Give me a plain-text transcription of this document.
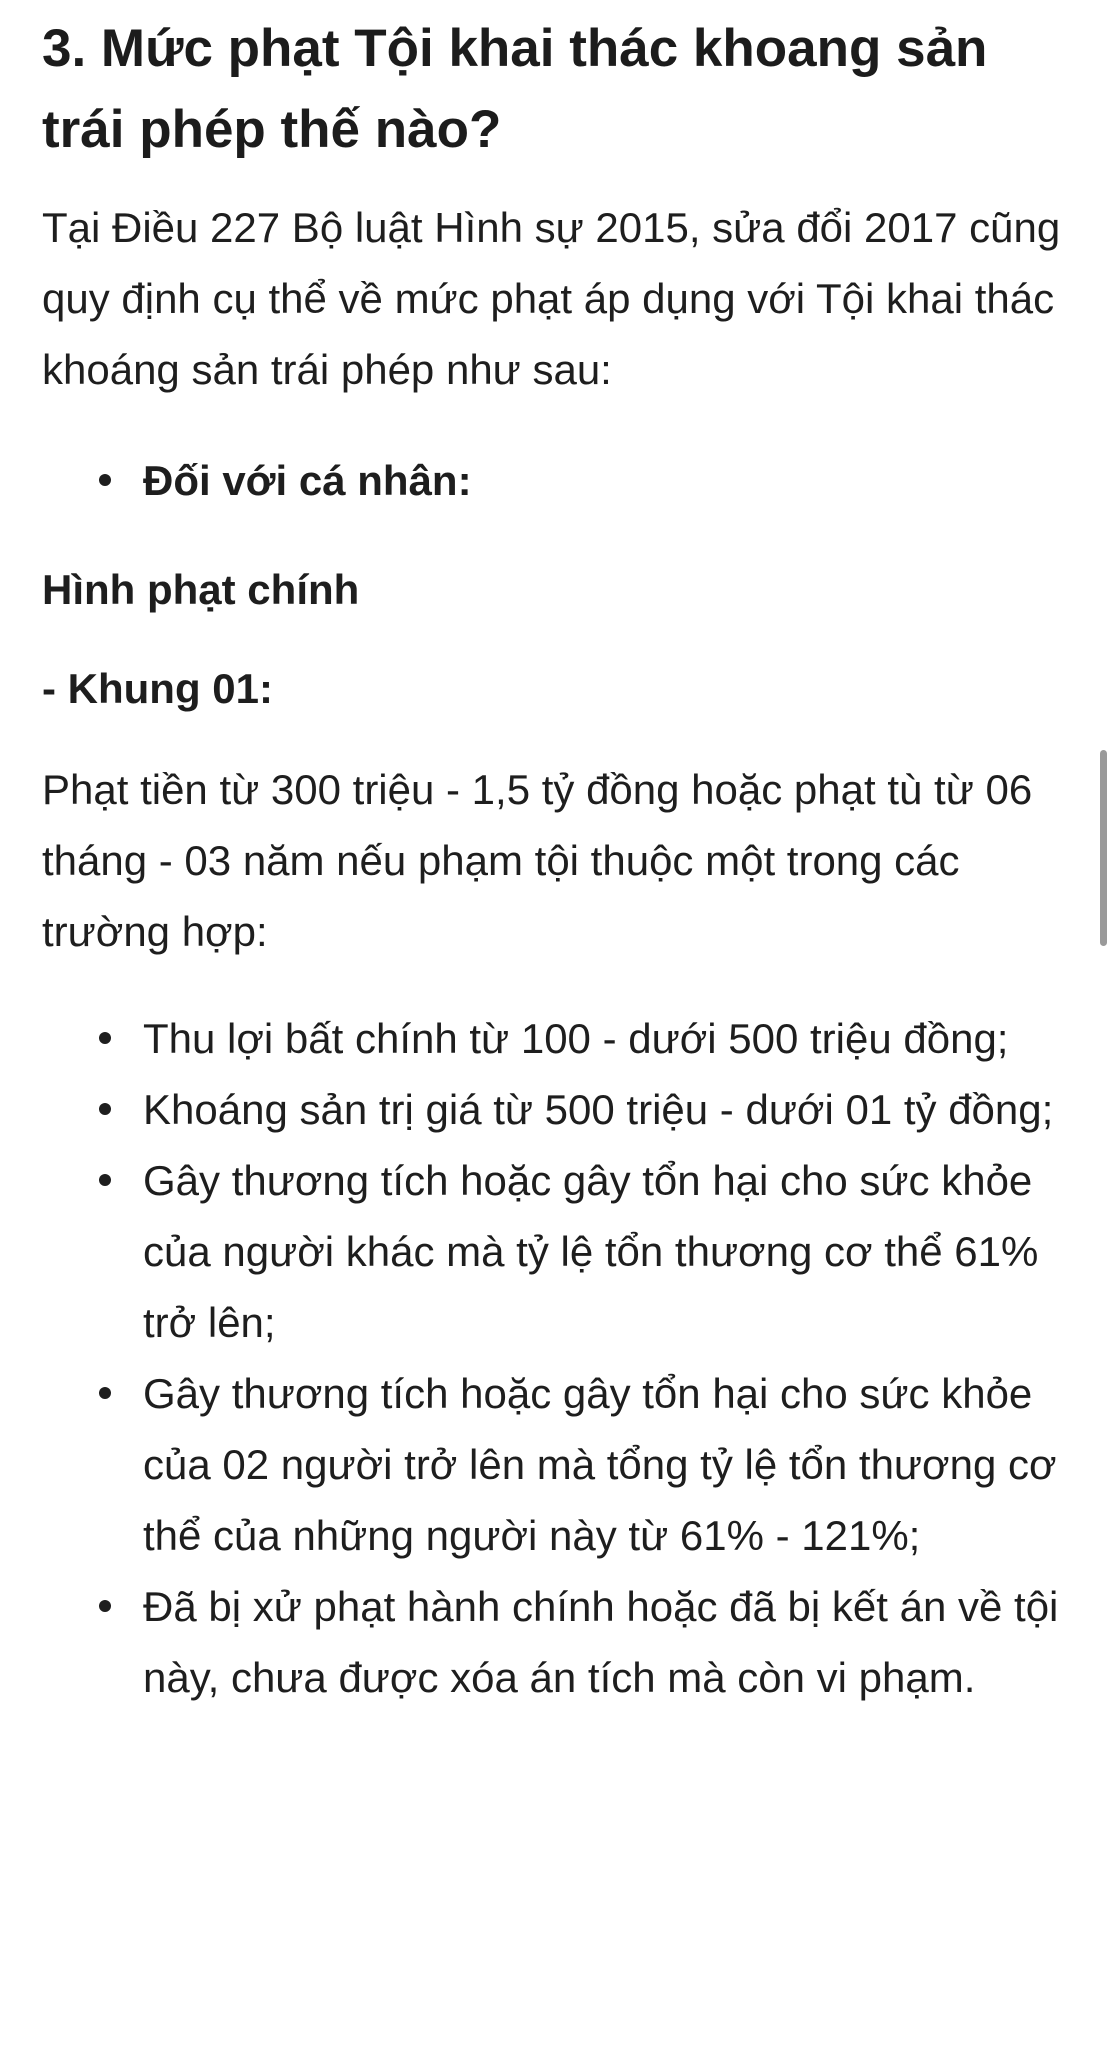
3. Mức phạt Tội khai thác khoang sản trái phép thế nào?

Tại Điều 227 Bộ luật Hình sự 2015, sửa đổi 2017 cũng quy định cụ thể về mức phạt áp dụng với Tội khai thác khoáng sản trái phép như sau:

Đối với cá nhân:

Hình phạt chính

- Khung 01:

Phạt tiền từ 300 triệu - 1,5 tỷ đồng hoặc phạt tù từ 06 tháng - 03 năm nếu phạm tội thuộc một trong các trường hợp:

Thu lợi bất chính từ 100 - dưới 500 triệu đồng;
Khoáng sản trị giá từ 500 triệu - dưới 01 tỷ đồng;
Gây thương tích hoặc gây tổn hại cho sức khỏe của người khác mà tỷ lệ tổn thương cơ thể 61% trở lên;
Gây thương tích hoặc gây tổn hại cho sức khỏe của 02 người trở lên mà tổng tỷ lệ tổn thương cơ thể của những người này từ 61% - 121%;
Đã bị xử phạt hành chính hoặc đã bị kết án về tội này, chưa được xóa án tích mà còn vi phạm.
